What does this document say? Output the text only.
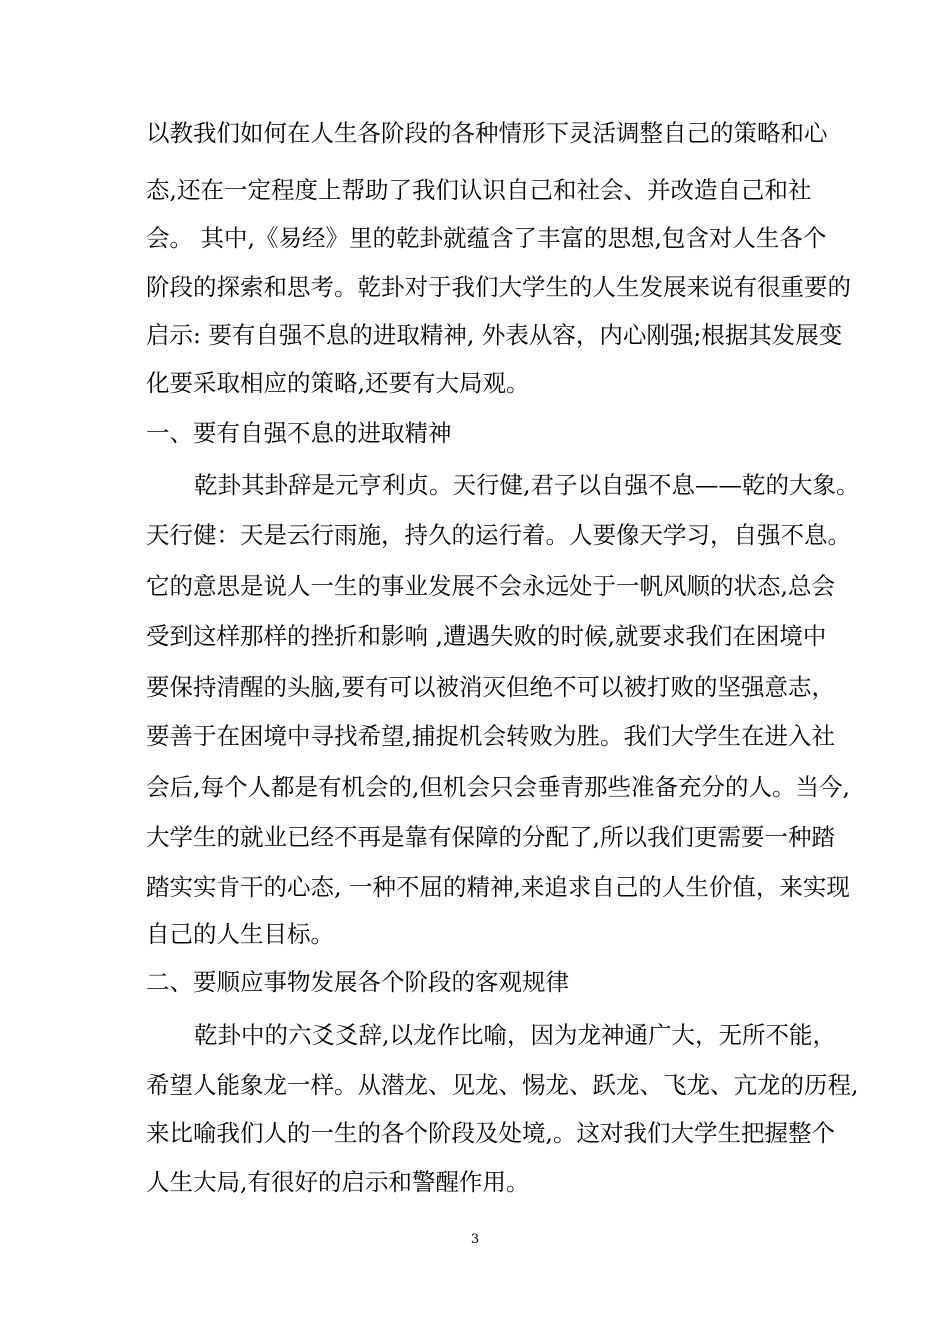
以教我们如何在人生各阶段的各种情形下灵活调整自己的策略和心
态,还在一定程度上帮助了我们认识自己和社会、并改造自己和社
会。 其中,《易经》里的乾卦就蕴含了丰富的思想,包含对人生各个
阶段的探索和思考。乾卦对于我们大学生的人生发展来说有很重要的
启示: 要有自强不息的进取精神, 外表从容，内心刚强;根据其发展变
化要采取相应的策略,还要有大局观。
一、要有自强不息的进取精神
乾卦其卦辞是元亨利贞。天行健,君子以自强不息——乾的大象。
天行健：天是云行雨施，持久的运行着。人要像天学习，自强不息。
它的意思是说人一生的事业发展不会永远处于一帆风顺的状态,总会
受到这样那样的挫折和影响 ,遭遇失败的时候,就要求我们在困境中
要保持清醒的头脑,要有可以被消灭但绝不可以被打败的坚强意志，
要善于在困境中寻找希望,捕捉机会转败为胜。我们大学生在进入社
会后,每个人都是有机会的,但机会只会垂青那些准备充分的人。当今,
大学生的就业已经不再是靠有保障的分配了,所以我们更需要一种踏
踏实实肯干的心态, 一种不屈的精神,来追求自己的人生价值，来实现
自己的人生目标。
二、要顺应事物发展各个阶段的客观规律
乾卦中的六爻爻辞,以龙作比喻，因为龙神通广大，无所不能，
希望人能象龙一样。从潜龙、见龙、惕龙、跃龙、飞龙、亢龙的历程,
来比喻我们人的一生的各个阶段及处境,。这对我们大学生把握整个
人生大局,有很好的启示和警醒作用。
3
